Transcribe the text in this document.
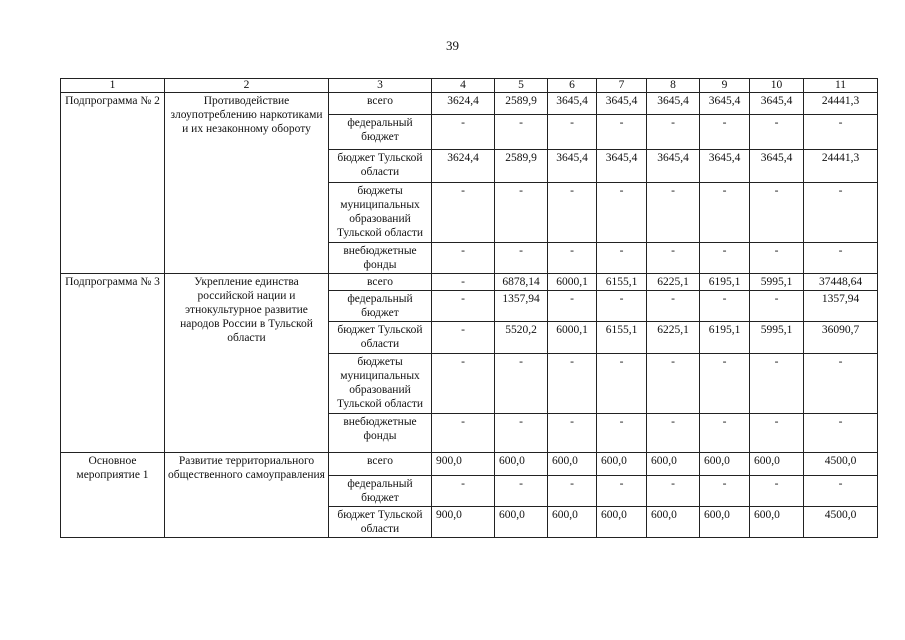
39
1	2	3	4	5	6	7	8	9	10	11
Подпрограмма № 2	Противодействие злоупотреблению наркотиками и их незаконному обороту	всего	3624,4	2589,9	3645,4	3645,4	3645,4	3645,4	3645,4	24441,3
		федеральный бюджет	-	-	-	-	-	-	-	-
		бюджет Тульской области	3624,4	2589,9	3645,4	3645,4	3645,4	3645,4	3645,4	24441,3
		бюджеты муниципальных образований Тульской области	-	-	-	-	-	-	-	-
		внебюджетные фонды	-	-	-	-	-	-	-	-
Подпрограмма № 3	Укрепление единства российской нации и этнокультурное развитие народов России в Тульской области	всего	-	6878,14	6000,1	6155,1	6225,1	6195,1	5995,1	37448,64
		федеральный бюджет	-	1357,94	-	-	-	-	-	1357,94
		бюджет Тульской области	-	5520,2	6000,1	6155,1	6225,1	6195,1	5995,1	36090,7
		бюджеты муниципальных образований Тульской области	-	-	-	-	-	-	-	-
		внебюджетные фонды	-	-	-	-	-	-	-	-
Основное мероприятие 1	Развитие территориального общественного самоуправления	всего	900,0	600,0	600,0	600,0	600,0	600,0	600,0	4500,0
		федеральный бюджет	-	-	-	-	-	-	-	-
		бюджет Тульской области	900,0	600,0	600,0	600,0	600,0	600,0	600,0	4500,0
